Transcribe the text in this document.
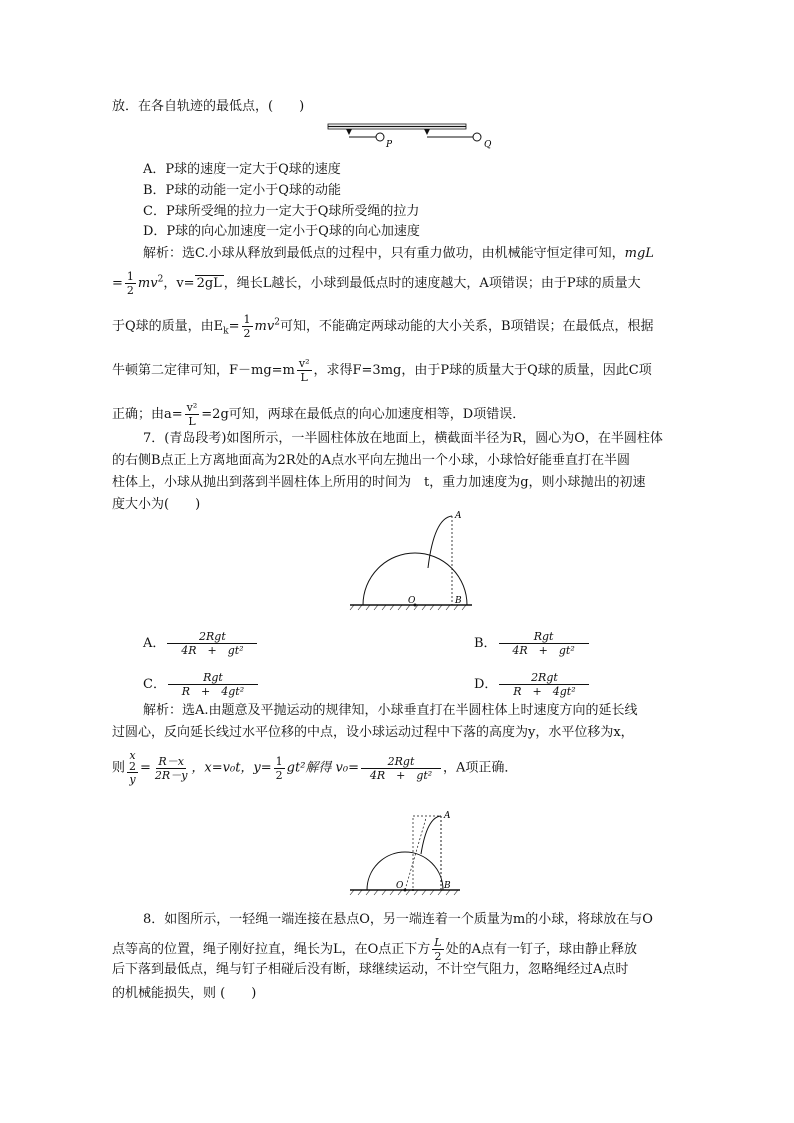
放．在各自轨迹的最低点，(　　)
P	Q
A．P球的速度一定大于Q球的速度
B．P球的动能一定小于Q球的动能
C．P球所受绳的拉力一定大于Q球所受绳的拉力
D．P球的向心加速度一定小于Q球的向心加速度
解析：选C.小球从释放到最低点的过程中，只有重力做功，由机械能守恒定律可知，mgL
= $\frac{1}{2} mv^2$，v= 2gL ，绳长L越长，小球到最低点时的速度越大，A项错误；由于P球的质量大
于Q球的质量，由$E_k= \frac{1}{2} mv^2$可知，不能确定两球动能的大小关系，B项错误；在最低点，根据
牛顿第二定律可知，$F-mg=m \frac{\text{v²}}{L}$ ，求得F=3mg，由于P球的质量大于Q球的质量，因此C项
正确；由$a= \frac{\text{v²}}{L} =2g$可知，两球在最低点的向心加速度相等，D项错误．
7．(青岛段考)如图所示，一半圆柱体放在地面上，横截面半径为R，圆心为O，在半圆柱体
的右侧B点正上方离地面高为2R处的A点水平向左抛出一个小球，小球恰好能垂直打在半圆
柱体上，小球从抛出到落到半圆柱体上所用的时间为　t，重力加速度为g，则小球抛出的初速
度大小为(　　)
A
O	B
A． $\frac{\text{2Rgt}}{\text{4R　+　gt²}}$	B． $\frac{\text{Rgt}}{\text{4R　+　gt²}}$
C． $\frac{\text{Rgt}}{\text{R　+　4gt²}}$	D． $\frac{\text{2Rgt}}{\text{R　+　4gt²}}$
解析：选A.由题意及平抛运动的规律知，小球垂直打在半圆柱体上时速度方向的延长线
过圆心，反向延长线过水平位移的中点，设小球运动过程中下落的高度为y，水平位移为x，
则 x
2
$y = \frac{R-x}{2R-y}$ ，x=v₀t，$y= \frac{1}{2} gt^2$解得 $v_0= \frac{\text{2Rgt}}{\text{4R　+　gt²}}$ ，A项正确．
A
O	B
8．如图所示，一轻绳一端连接在悬点O，另一端连着一个质量为m的小球，将球放在与O
点等高的位置，绳子刚好拉直，绳长为L，在O点正下方 $\frac{L}{2}$ 处的A点有一钉子，球由静止释放
后下落到最低点，绳与钉子相碰后没有断，球继续运动，不计空气阻力，忽略绳经过A点时
的机械能损失，则 (　　)
